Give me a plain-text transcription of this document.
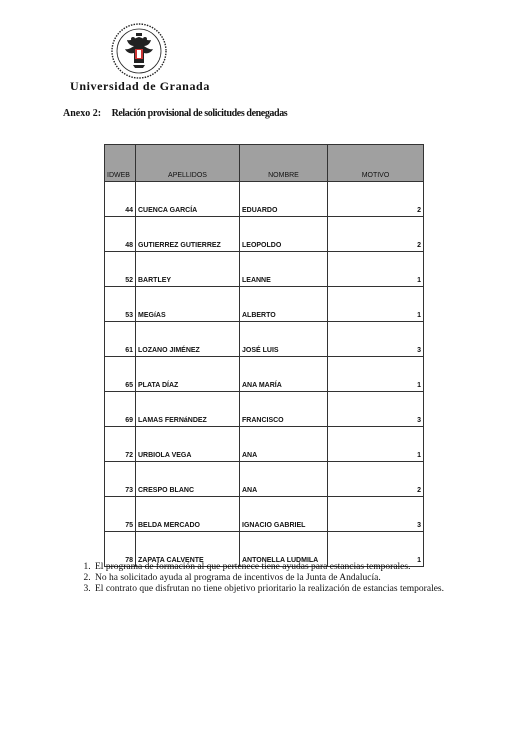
Universidad de Granada
Anexo 2: Relación provisional de solicitudes denegadas
IDWEB	APELLIDOS	NOMBRE	MOTIVO
44	CUENCA GARCÍA	EDUARDO	2
48	GUTIERREZ GUTIERREZ	LEOPOLDO	2
52	BARTLEY	LEANNE	1
53	MEGíAS	ALBERTO	1
61	LOZANO JIMÉNEZ	JOSÉ LUIS	3
65	PLATA DÍAZ	ANA MARÍA	1
69	LAMAS FERNáNDEZ	FRANCISCO	3
72	URBIOLA VEGA	ANA	1
73	CRESPO BLANC	ANA	2
75	BELDA MERCADO	IGNACIO GABRIEL	3
78	ZAPATA CALVENTE	ANTONELLA LUDMILA	1
1. El programa de formación al que pertenece tiene ayudas para estancias temporales.
2. No ha solicitado ayuda al programa de incentivos de la Junta de Andalucía.
3. El contrato que disfrutan no tiene objetivo prioritario la realización de estancias temporales.
